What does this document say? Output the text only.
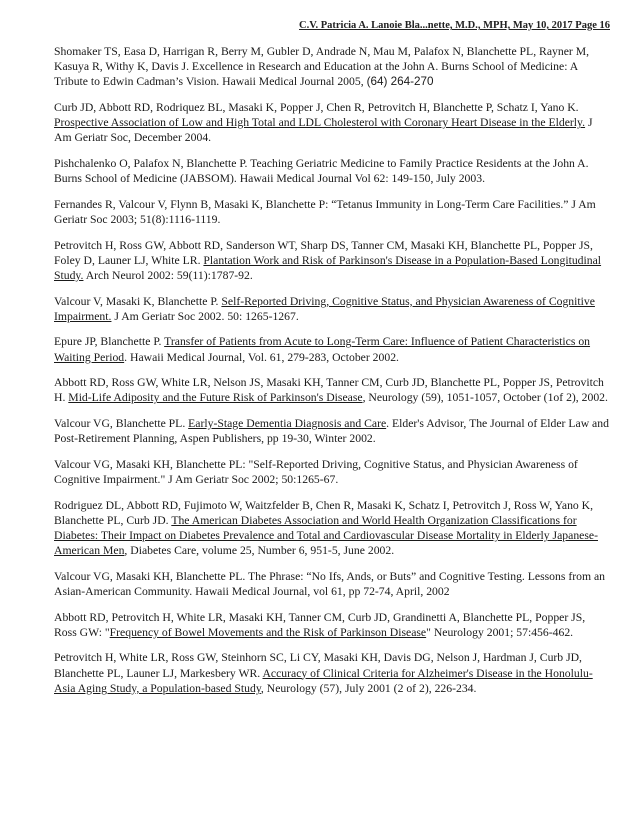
C.V. Patricia A. Lanoie Bla...nette, M.D., MPH, May 10, 2017 Page 16

Shomaker TS, Easa D, Harrigan R, Berry M, Gubler D, Andrade N, Mau M, Palafox N, Blanchette PL, Rayner M, Kasuya R, Withy K, Davis J. Excellence in Research and Education at the John A. Burns School of Medicine: A Tribute to Edwin Cadman’s Vision. Hawaii Medical Journal 2005, (64) 264-270

Curb JD, Abbott RD, Rodriquez BL, Masaki K, Popper J, Chen R, Petrovitch H, Blanchette P, Schatz I, Yano K. Prospective Association of Low and High Total and LDL Cholesterol with Coronary Heart Disease in the Elderly. J Am Geriatr Soc, December 2004.

Pishchalenko O, Palafox N, Blanchette P. Teaching Geriatric Medicine to Family Practice Residents at the John A. Burns School of Medicine (JABSOM). Hawaii Medical Journal Vol 62: 149-150, July 2003.

Fernandes R, Valcour V, Flynn B, Masaki K, Blanchette P: “Tetanus Immunity in Long-Term Care Facilities.” J Am Geriatr Soc 2003; 51(8):1116-1119.

Petrovitch H, Ross GW, Abbott RD, Sanderson WT, Sharp DS, Tanner CM, Masaki KH, Blanchette PL, Popper JS, Foley D, Launer LJ, White LR. Plantation Work and Risk of Parkinson's Disease in a Population-Based Longitudinal Study. Arch Neurol 2002: 59(11):1787-92.

Valcour V, Masaki K, Blanchette P. Self-Reported Driving, Cognitive Status, and Physician Awareness of Cognitive Impairment. J Am Geriatr Soc 2002. 50: 1265-1267.

Epure JP, Blanchette P. Transfer of Patients from Acute to Long-Term Care: Influence of Patient Characteristics on Waiting Period. Hawaii Medical Journal, Vol. 61, 279-283, October 2002.

Abbott RD, Ross GW, White LR, Nelson JS, Masaki KH, Tanner CM, Curb JD, Blanchette PL, Popper JS, Petrovitch H. Mid-Life Adiposity and the Future Risk of Parkinson's Disease, Neurology (59), 1051-1057, October (1of 2), 2002.

Valcour VG, Blanchette PL. Early-Stage Dementia Diagnosis and Care. Elder's Advisor, The Journal of Elder Law and Post-Retirement Planning, Aspen Publishers, pp 19-30, Winter 2002.

Valcour VG, Masaki KH, Blanchette PL: "Self-Reported Driving, Cognitive Status, and Physician Awareness of Cognitive Impairment." J Am Geriatr Soc 2002; 50:1265-67.

Rodriguez DL, Abbott RD, Fujimoto W, Waitzfelder B, Chen R, Masaki K, Schatz I, Petrovitch J, Ross W, Yano K, Blanchette PL, Curb JD. The American Diabetes Association and World Health Organization Classifications for Diabetes: Their Impact on Diabetes Prevalence and Total and Cardiovascular Disease Mortality in Elderly Japanese-American Men, Diabetes Care, volume 25, Number 6, 951-5, June 2002.

Valcour VG, Masaki KH, Blanchette PL. The Phrase: “No Ifs, Ands, or Buts” and Cognitive Testing. Lessons from an Asian-American Community. Hawaii Medical Journal, vol 61, pp 72-74, April, 2002

Abbott RD, Petrovitch H, White LR, Masaki KH, Tanner CM, Curb JD, Grandinetti A, Blanchette PL, Popper JS, Ross GW: "Frequency of Bowel Movements and the Risk of Parkinson Disease" Neurology 2001; 57:456-462.

Petrovitch H, White LR, Ross GW, Steinhorn SC, Li CY, Masaki KH, Davis DG, Nelson J, Hardman J, Curb JD, Blanchette PL, Launer LJ, Markesbery WR. Accuracy of Clinical Criteria for Alzheimer's Disease in the Honolulu-Asia Aging Study, a Population-based Study, Neurology (57), July 2001 (2 of 2), 226-234.
